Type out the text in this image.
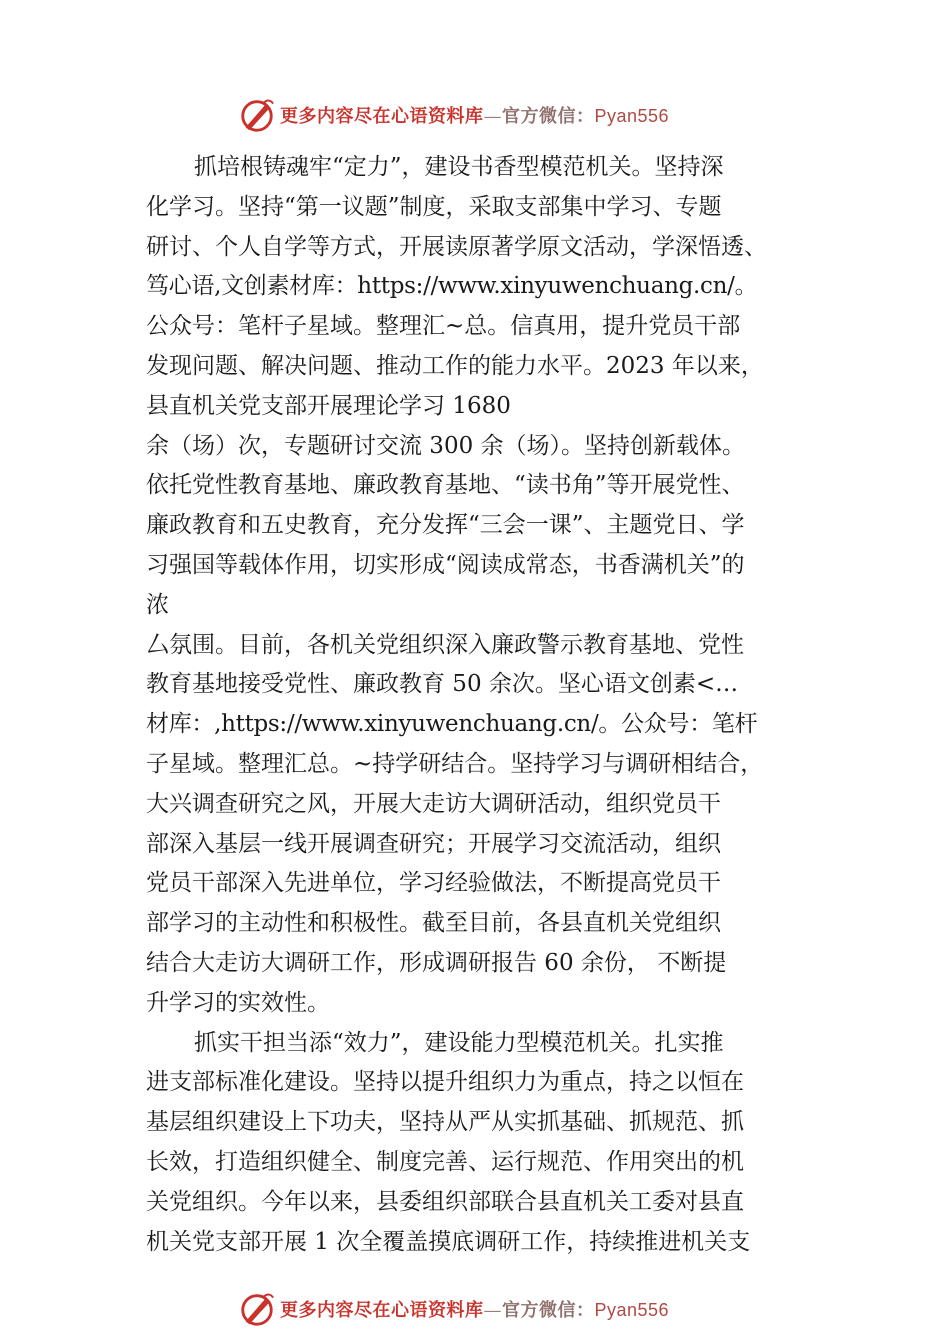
更多内容尽在心语资料库—官方微信：Pyan556
抓培根铸魂牢“定力”，建设书香型模范机关。坚持深
化学习。坚持“第一议题”制度，采取支部集中学习、专题
研讨、个人自学等方式，开展读原著学原文活动，学深悟透、
笃心语,文创素材库：https://www.xinyuwenchuang.cn/。
公众号：笔杆子星域。整理汇~总。信真用，提升党员干部
发现问题、解决问题、推动工作的能力水平。2023 年以来，
县直机关党支部开展理论学习 1680
余（场）次，专题研讨交流 300 余（场）。坚持创新载体。
依托党性教育基地、廉政教育基地、“读书角”等开展党性、
廉政教育和五史教育，充分发挥“三会一课”、主题党日、学
习强国等载体作用，切实形成“阅读成常态，书香满机关”的
浓
厶氛围。目前，各机关党组织深入廉政警示教育基地、党性
教育基地接受党性、廉政教育 50 余次。坚心语文创素<…
材库：,https://www.xinyuwenchuang.cn/。公众号：笔杆
子星域。整理汇总。~持学研结合。坚持学习与调研相结合，
大兴调查研究之风，开展大走访大调研活动，组织党员干
部深入基层一线开展调查研究；开展学习交流活动，组织
党员干部深入先进单位，学习经验做法，不断提高党员干
部学习的主动性和积极性。截至目前，各县直机关党组织
结合大走访大调研工作，形成调研报告 60 余份， 不断提
升学习的实效性。
抓实干担当添“效力”，建设能力型模范机关。扎实推
进支部标准化建设。坚持以提升组织力为重点，持之以恒在
基层组织建设上下功夫，坚持从严从实抓基础、抓规范、抓
长效，打造组织健全、制度完善、运行规范、作用突出的机
关党组织。今年以来，县委组织部联合县直机关工委对县直
机关党支部开展 1 次全覆盖摸底调研工作，持续推进机关支
更多内容尽在心语资料库—官方微信：Pyan556
